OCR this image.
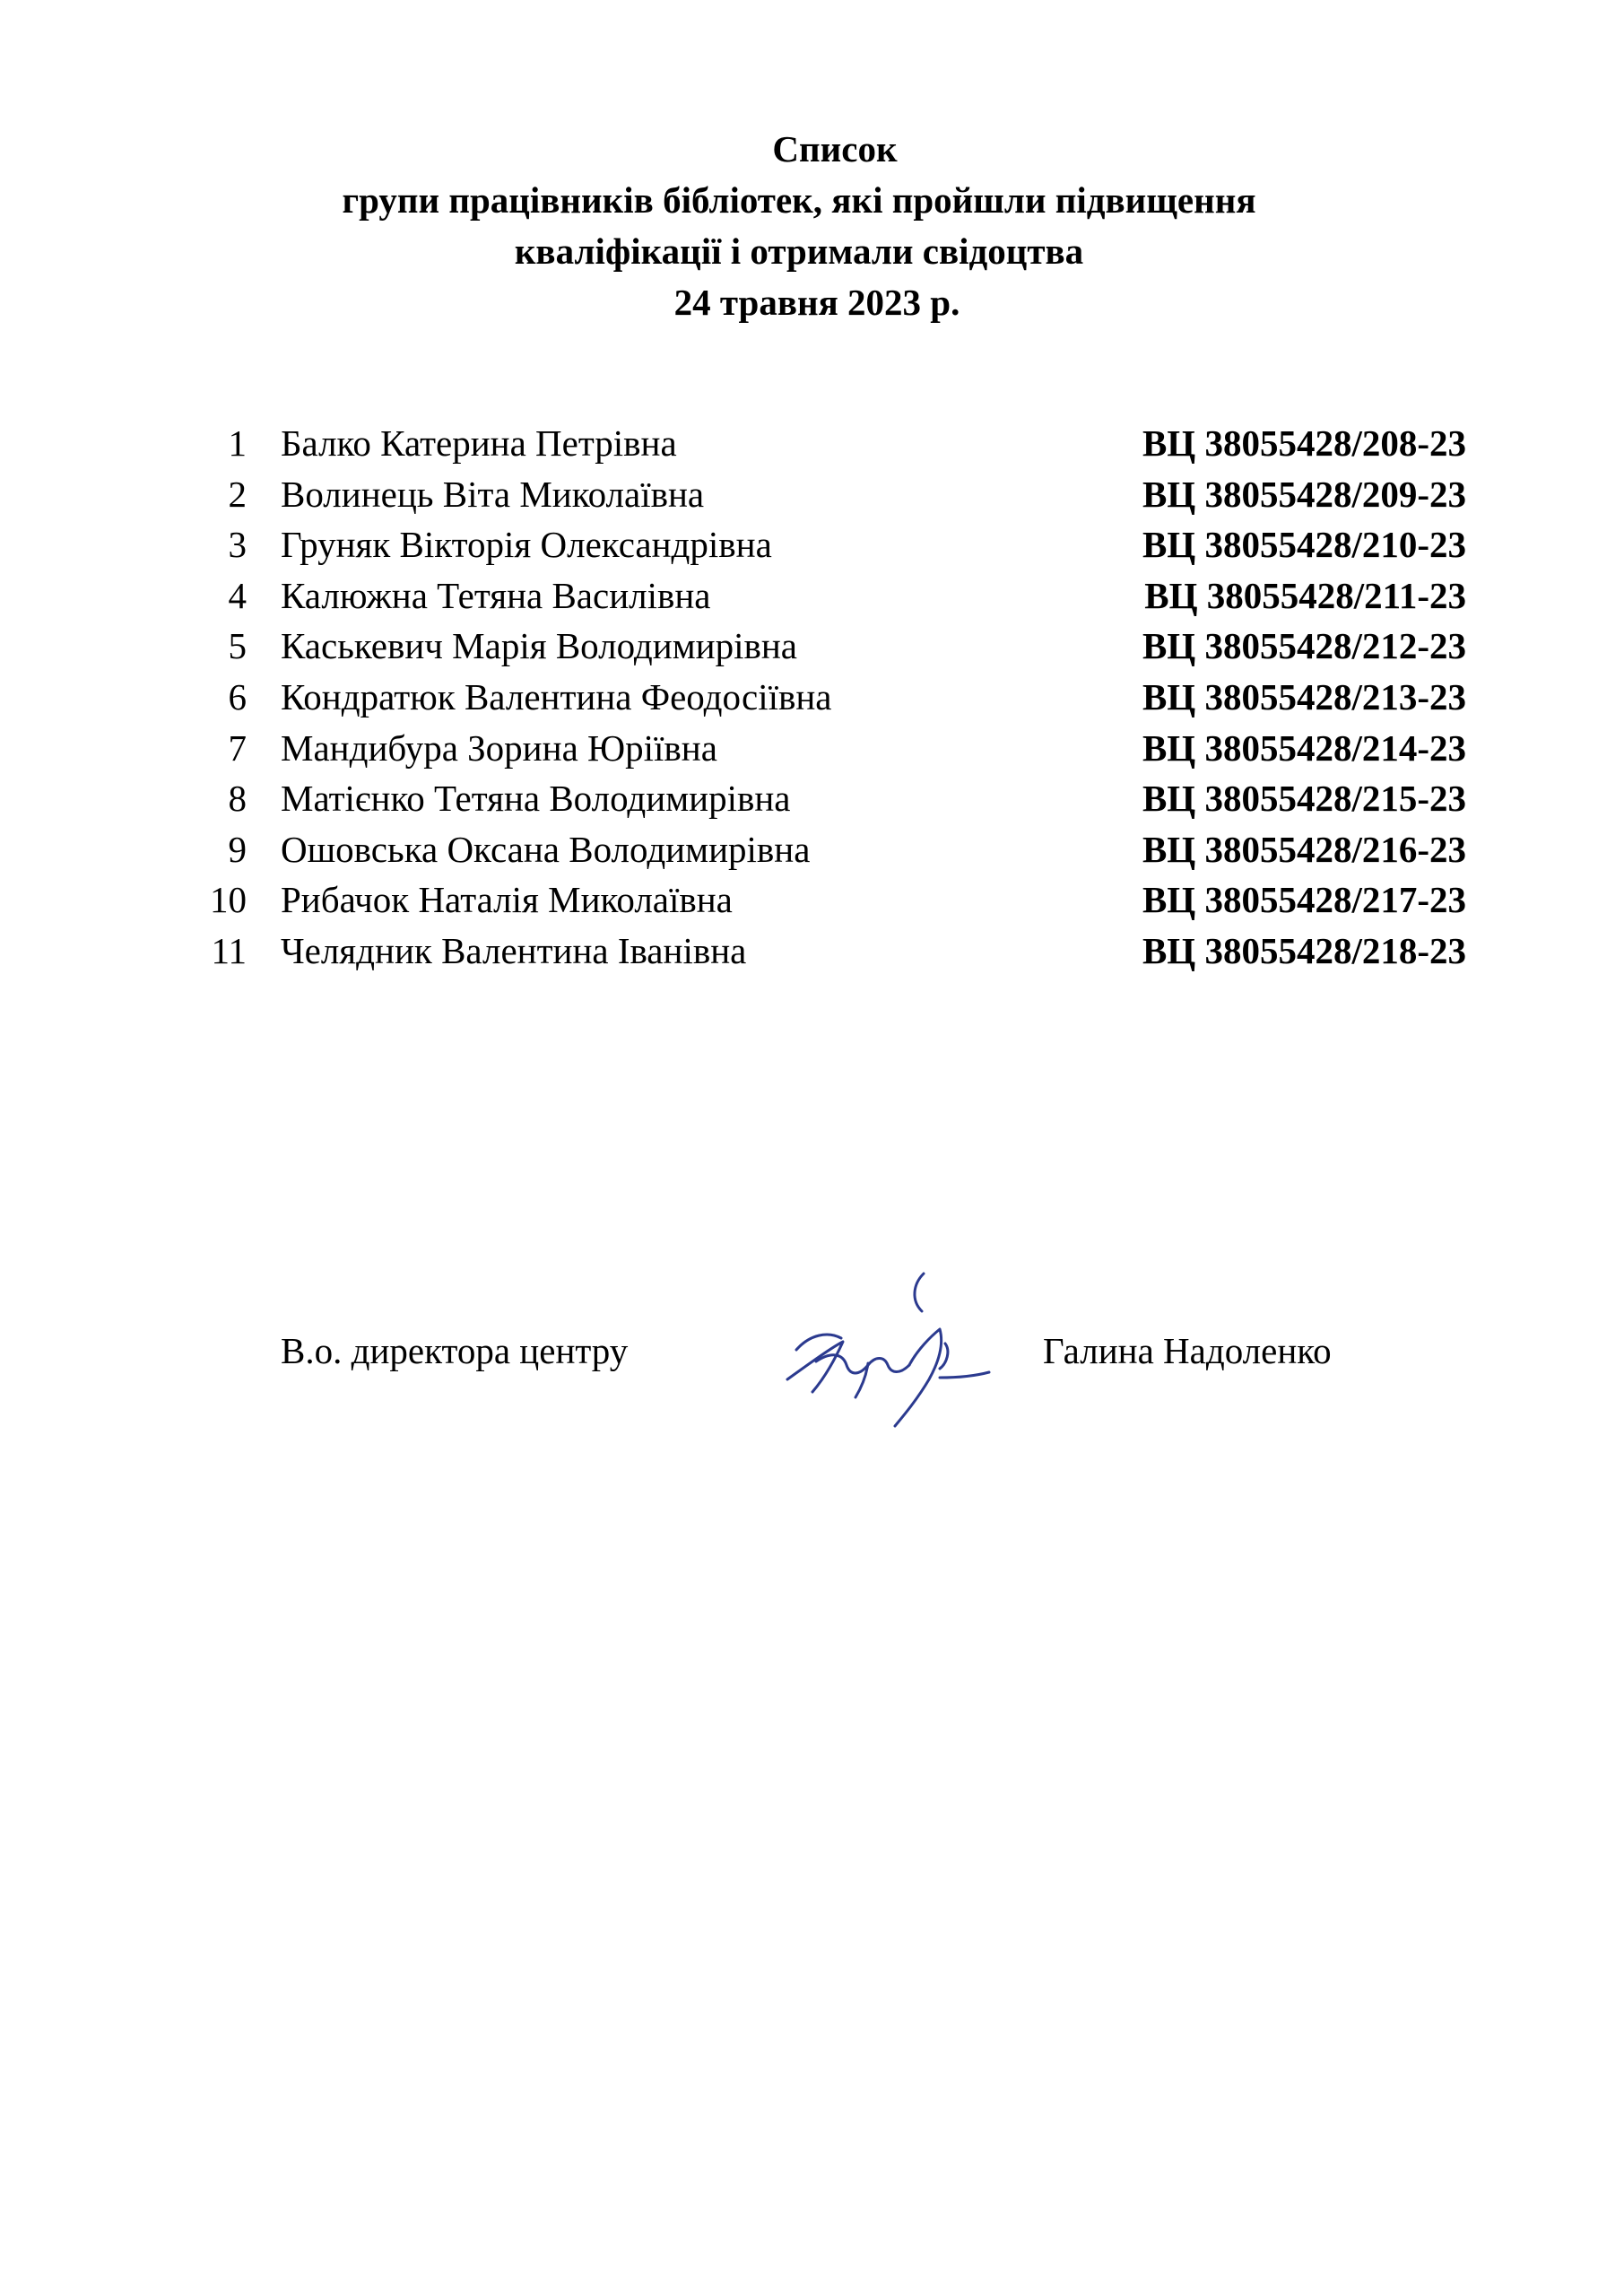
Список
групи працівників бібліотек, які пройшли підвищення
кваліфікації і отримали свідоцтва
24 травня 2023 р.
1 Балко Катерина Петрівна	ВЦ 38055428/208-23
2 Волинець Віта Миколаївна	ВЦ 38055428/209-23
3 Груняк Вікторія Олександрівна	ВЦ 38055428/210-23
4 Калюжна Тетяна Василівна	ВЦ 38055428/211-23
5 Каськевич Марія Володимирівна	ВЦ 38055428/212-23
6 Кондратюк Валентина Феодосіївна	ВЦ 38055428/213-23
7 Мандибура Зорина Юріївна	ВЦ 38055428/214-23
8 Матієнко Тетяна Володимирівна	ВЦ 38055428/215-23
9 Ошовська Оксана Володимирівна	ВЦ 38055428/216-23
10 Рибачок Наталія Миколаївна	ВЦ 38055428/217-23
11 Челядник Валентина Іванівна	ВЦ 38055428/218-23
В.о. директора центру	Галина Надоленко
